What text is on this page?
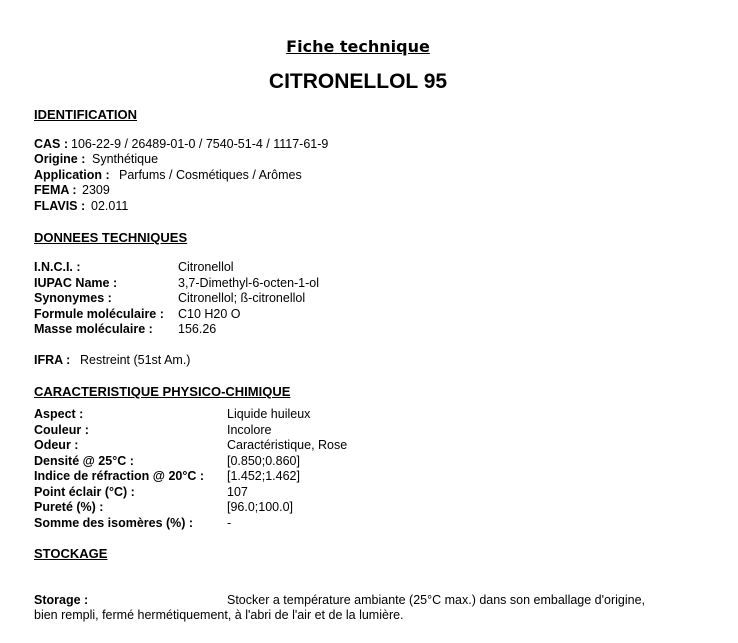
Fiche technique
CITRONELLOL 95
IDENTIFICATION
CAS : 106-22-9 / 26489-01-0 / 7540-51-4 / 1117-61-9
Origine : Synthétique
Application : Parfums / Cosmétiques / Arômes
FEMA : 2309
FLAVIS : 02.011
DONNEES TECHNIQUES
I.N.C.I. :	Citronellol
IUPAC Name :	3,7-Dimethyl-6-octen-1-ol
Synonymes :	Citronellol; ß-citronellol
Formule moléculaire : C10 H20 O
Masse moléculaire : 156.26
IFRA : Restreint (51st Am.)
CARACTERISTIQUE PHYSICO-CHIMIQUE
Aspect :	Liquide huileux
Couleur :	Incolore
Odeur :	Caractéristique, Rose
Densité @ 25°C :	[0.850;0.860]
Indice de réfraction @ 20°C : [1.452;1.462]
Point éclair (°C) :	107
Pureté (%) :	[96.0;100.0]
Somme des isomères (%) :	-
STOCKAGE
Storage :	Stocker a température ambiante (25°C max.) dans son emballage d'origine,
bien rempli, fermé hermétiquement, à l'abri de l'air et de la lumière.
